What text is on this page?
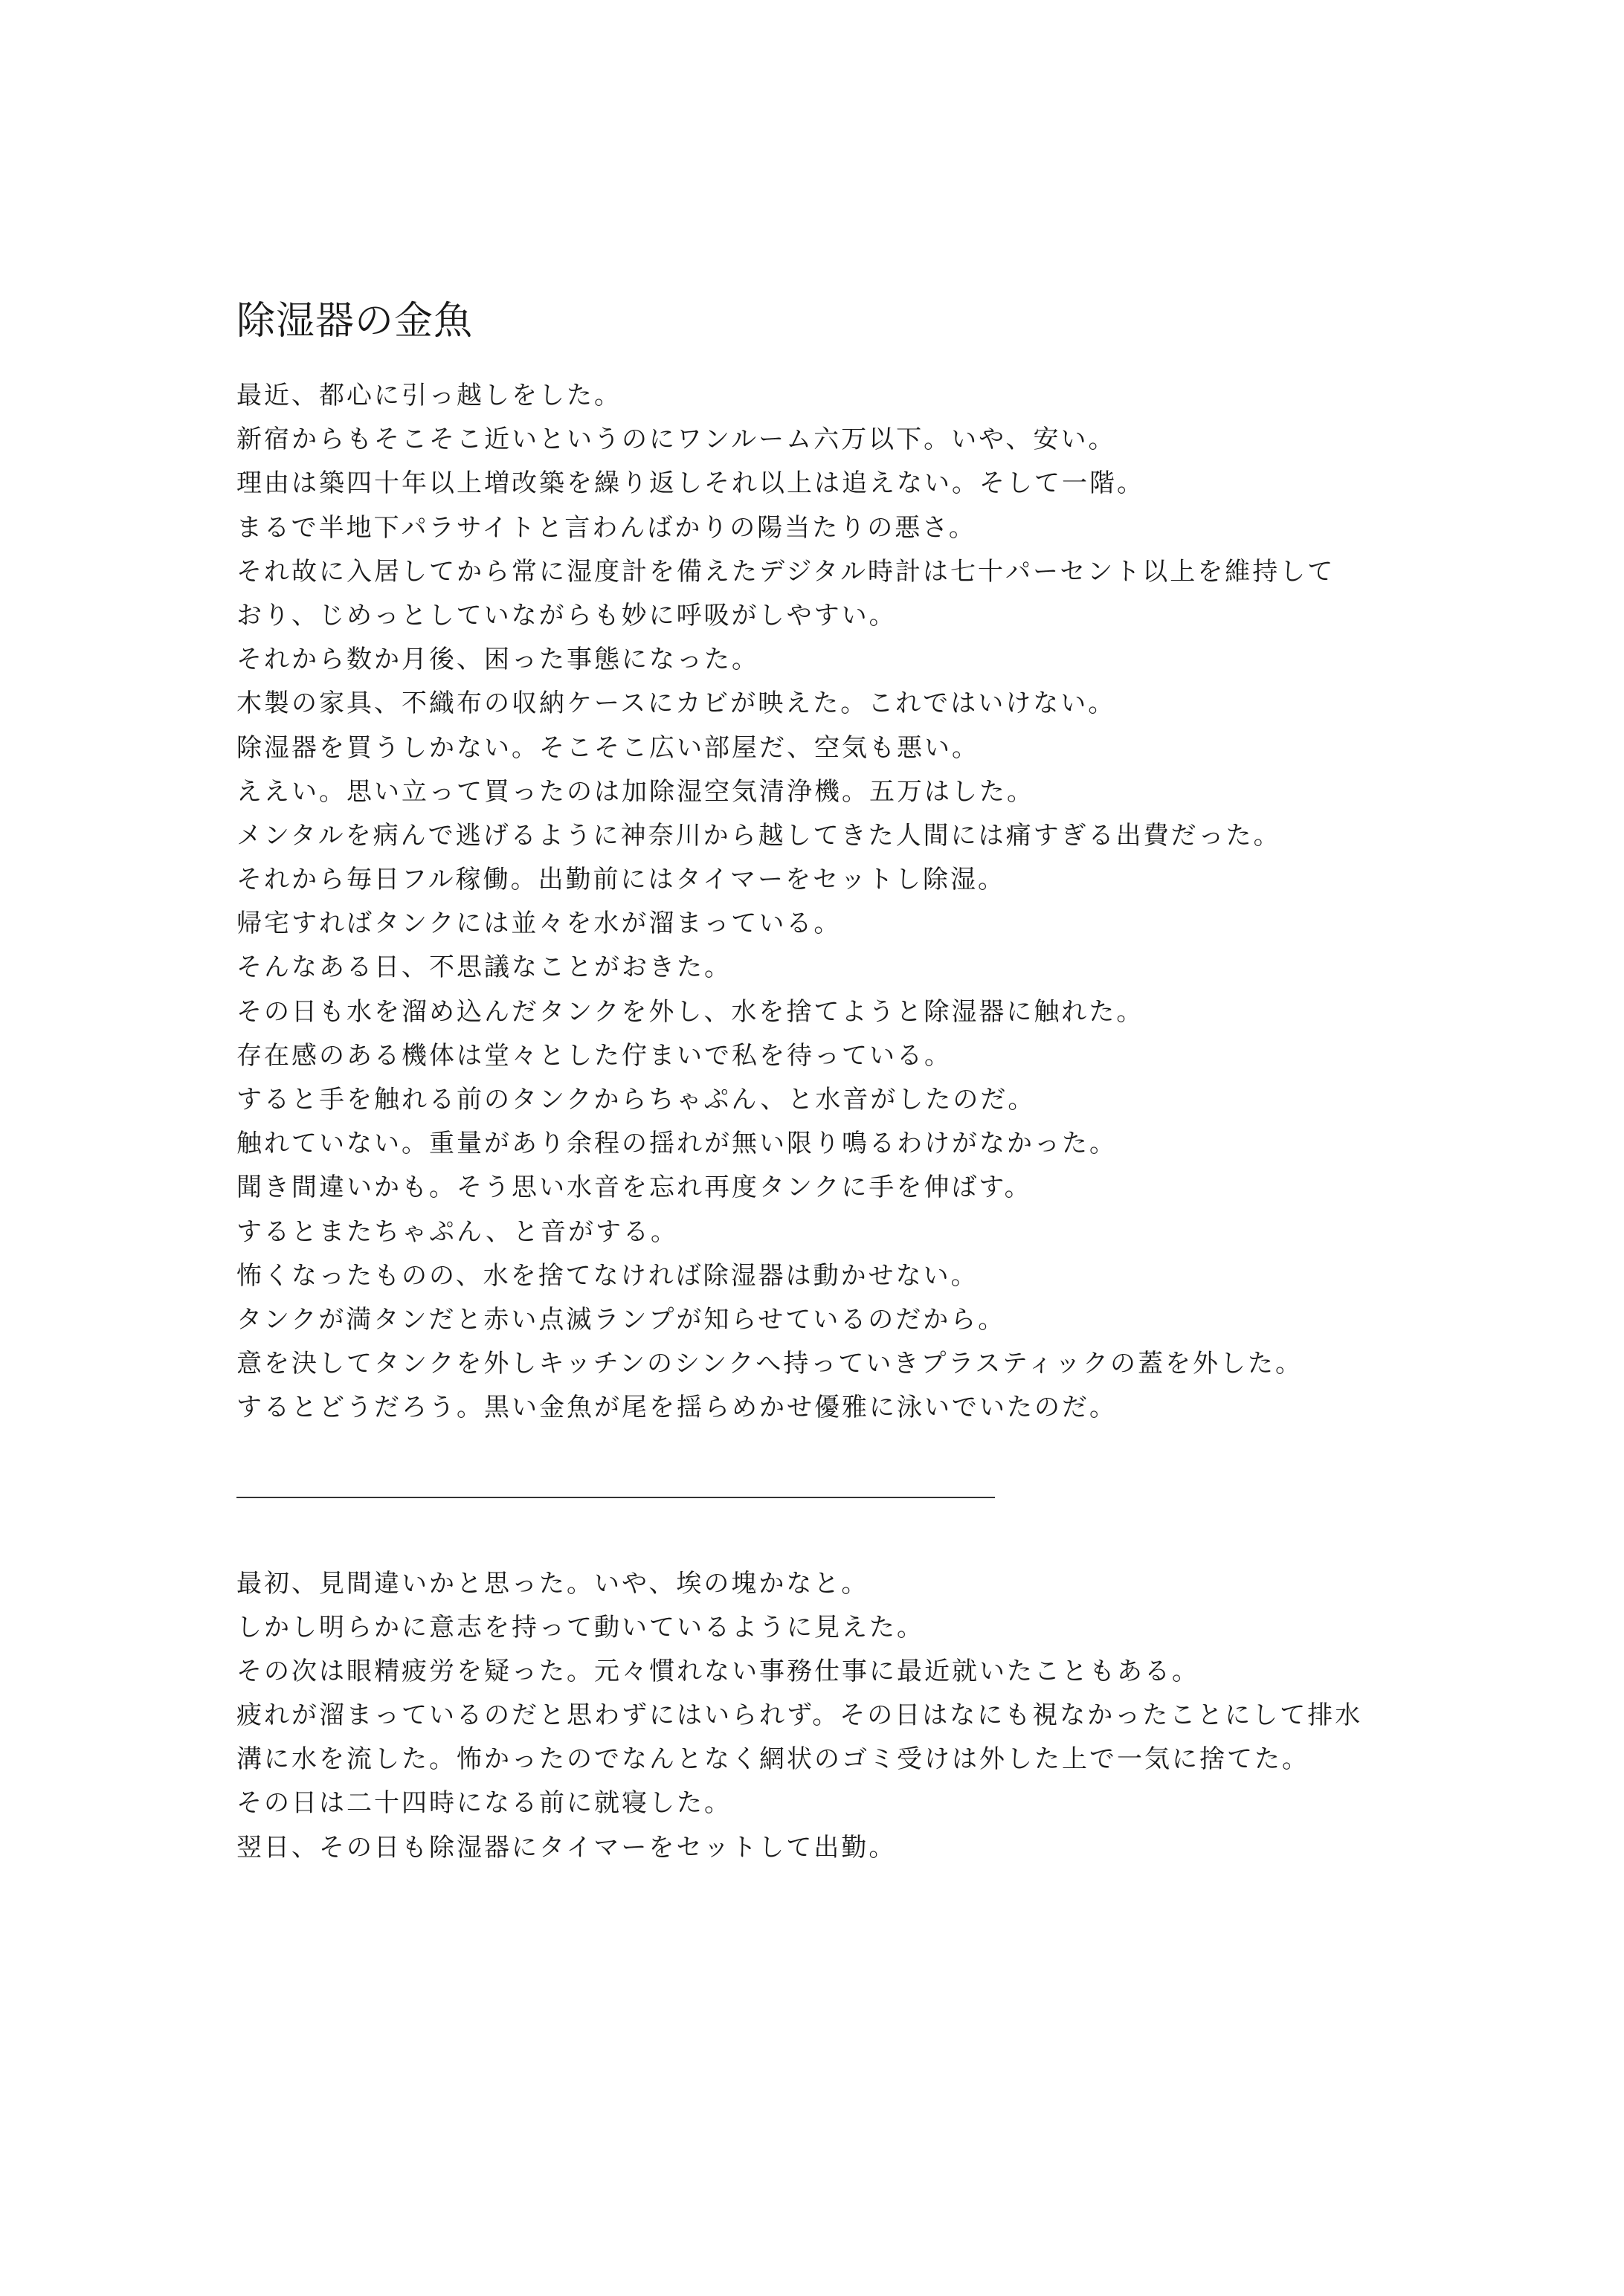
除湿器の金魚
最近、都心に引っ越しをした。
新宿からもそこそこ近いというのにワンルーム六万以下。いや、安い。
理由は築四十年以上増改築を繰り返しそれ以上は追えない。そして一階。
まるで半地下パラサイトと言わんばかりの陽当たりの悪さ。
それ故に入居してから常に湿度計を備えたデジタル時計は七十パーセント以上を維持して
おり、じめっとしていながらも妙に呼吸がしやすい。
それから数か月後、困った事態になった。
木製の家具、不織布の収納ケースにカビが映えた。これではいけない。
除湿器を買うしかない。そこそこ広い部屋だ、空気も悪い。
ええい。思い立って買ったのは加除湿空気清浄機。五万はした。
メンタルを病んで逃げるように神奈川から越してきた人間には痛すぎる出費だった。
それから毎日フル稼働。出勤前にはタイマーをセットし除湿。
帰宅すればタンクには並々を水が溜まっている。
そんなある日、不思議なことがおきた。
その日も水を溜め込んだタンクを外し、水を捨てようと除湿器に触れた。
存在感のある機体は堂々とした佇まいで私を待っている。
すると手を触れる前のタンクからちゃぷん、と水音がしたのだ。
触れていない。重量があり余程の揺れが無い限り鳴るわけがなかった。
聞き間違いかも。そう思い水音を忘れ再度タンクに手を伸ばす。
するとまたちゃぷん、と音がする。
怖くなったものの、水を捨てなければ除湿器は動かせない。
タンクが満タンだと赤い点滅ランプが知らせているのだから。
意を決してタンクを外しキッチンのシンクへ持っていきプラスティックの蓋を外した。
するとどうだろう。黒い金魚が尾を揺らめかせ優雅に泳いでいたのだ。
――――――――――――――――――――――――――――――――――
最初、見間違いかと思った。いや、埃の塊かなと。
しかし明らかに意志を持って動いているように見えた。
その次は眼精疲労を疑った。元々慣れない事務仕事に最近就いたこともある。
疲れが溜まっているのだと思わずにはいられず。その日はなにも視なかったことにして排水
溝に水を流した。怖かったのでなんとなく網状のゴミ受けは外した上で一気に捨てた。
その日は二十四時になる前に就寝した。
翌日、その日も除湿器にタイマーをセットして出勤。
